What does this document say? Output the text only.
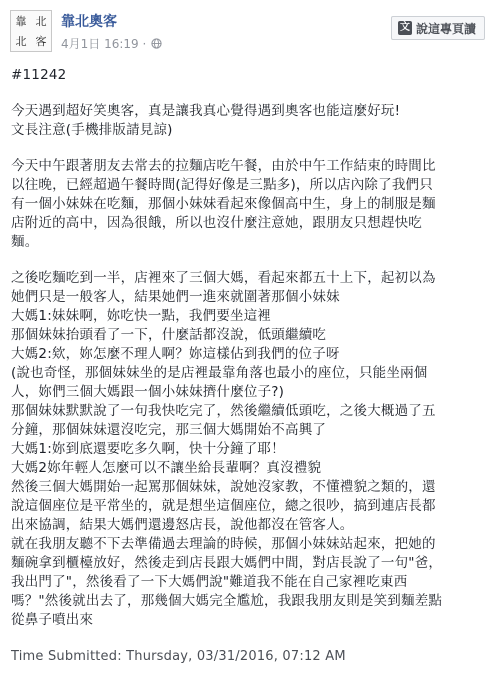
靠 北
北 客
靠北奧客
4月1日 16:19 ·
文 說這專頁讀

#11242

今天遇到超好笑奧客，真是讓我真心覺得遇到奧客也能這麼好玩!

文長注意(手機排版請見諒)

今天中午跟著朋友去常去的拉麵店吃午餐，由於中午工作結束的時間比

以往晚，已經超過午餐時間(記得好像是三點多)，所以店內除了我們只

有一個小妹妹在吃麵，那個小妹妹看起來像個高中生，身上的制服是麵

店附近的高中，因為很餓，所以也沒什麼注意她，跟朋友只想趕快吃

麵。

之後吃麵吃到一半，店裡來了三個大媽，看起來都五十上下，起初以為

她們只是一般客人，結果她們一進來就圍著那個小妹妹

大媽1:妹妹啊，妳吃快一點，我們要坐這裡

那個妹妹抬頭看了一下，什麼話都沒說，低頭繼續吃

大媽2:欸，妳怎麼不理人啊？妳這樣佔到我們的位子呀

(說也奇怪，那個妹妹坐的是店裡最靠角落也最小的座位，只能坐兩個

人，妳們三個大媽跟一個小妹妹擠什麼位子?)

那個妹妹默默說了一句我快吃完了，然後繼續低頭吃，之後大概過了五

分鐘，那個妹妹還沒吃完，那三個大媽開始不高興了

大媽1:妳到底還要吃多久啊，快十分鐘了耶！

大媽2妳年輕人怎麼可以不讓坐給長輩啊？真沒禮貌

然後三個大媽開始一起罵那個妹妹，說她沒家教，不懂禮貌之類的，還

說這個座位是平常坐的，就是想坐這個座位，總之很吵，搞到連店長都

出來協調，結果大媽們還邊怒店長，說他都沒在管客人。

就在我朋友聽不下去準備過去理論的時候，那個小妹妹站起來，把她的

麵碗拿到櫃檯放好，然後走到店長跟大媽們中間，對店長說了一句"爸，

我出門了"，然後看了一下大媽們說"難道我不能在自己家裡吃東西

嗎？"然後就出去了，那幾個大媽完全尷尬，我跟我朋友則是笑到麵差點

從鼻子噴出來

Time Submitted: Thursday, 03/31/2016, 07:12 AM
